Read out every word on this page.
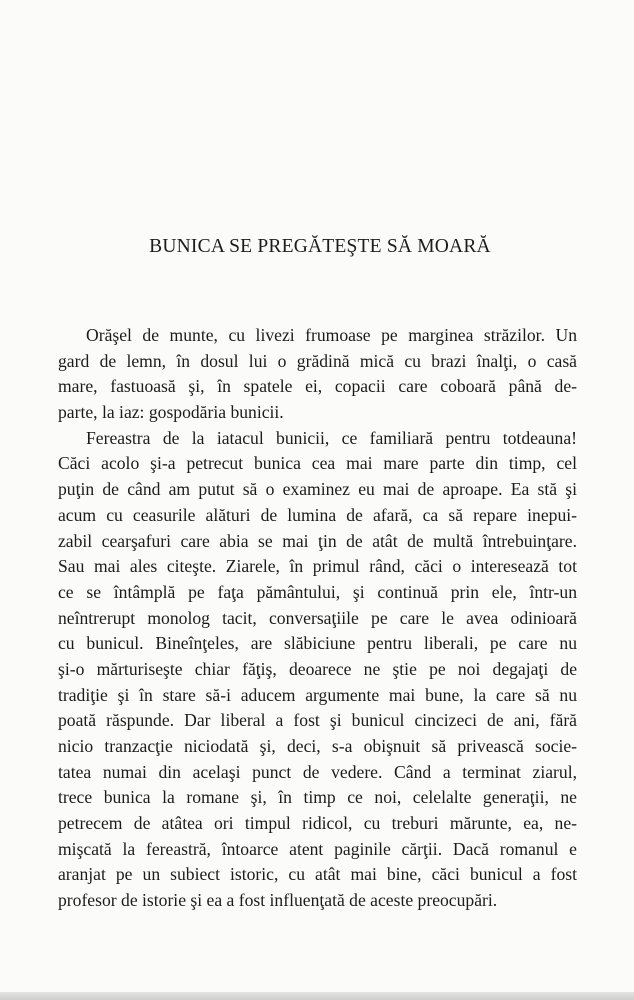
BUNICA SE PREGĂTEŞTE SĂ MOARĂ
Orăşel de munte, cu livezi frumoase pe marginea străzilor. Un
gard de lemn, în dosul lui o grădină mică cu brazi înalţi, o casă
mare, fastuoasă şi, în spatele ei, copacii care coboară până de-
parte, la iaz: gospodăria bunicii.
Fereastra de la iatacul bunicii, ce familiară pentru totdeauna!
Căci acolo şi-a petrecut bunica cea mai mare parte din timp, cel
puţin de când am putut să o examinez eu mai de aproape. Ea stă şi
acum cu ceasurile alături de lumina de afară, ca să repare inepui-
zabil cearşafuri care abia se mai ţin de atât de multă întrebuinţare.
Sau mai ales citeşte. Ziarele, în primul rând, căci o interesează tot
ce se întâmplă pe faţa pământului, şi continuă prin ele, într-un
neîntrerupt monolog tacit, conversaţiile pe care le avea odinioară
cu bunicul. Bineînţeles, are slăbiciune pentru liberali, pe care nu
şi-o mărturiseşte chiar făţiş, deoarece ne ştie pe noi degajaţi de
tradiţie şi în stare să-i aducem argumente mai bune, la care să nu
poată răspunde. Dar liberal a fost şi bunicul cincizeci de ani, fără
nicio tranzacţie niciodată şi, deci, s-a obişnuit să privească socie-
tatea numai din acelaşi punct de vedere. Când a terminat ziarul,
trece bunica la romane şi, în timp ce noi, celelalte generaţii, ne
petrecem de atâtea ori timpul ridicol, cu treburi mărunte, ea, ne-
mişcată la fereastră, întoarce atent paginile cărţii. Dacă romanul e
aranjat pe un subiect istoric, cu atât mai bine, căci bunicul a fost
profesor de istorie şi ea a fost influenţată de aceste preocupări.
